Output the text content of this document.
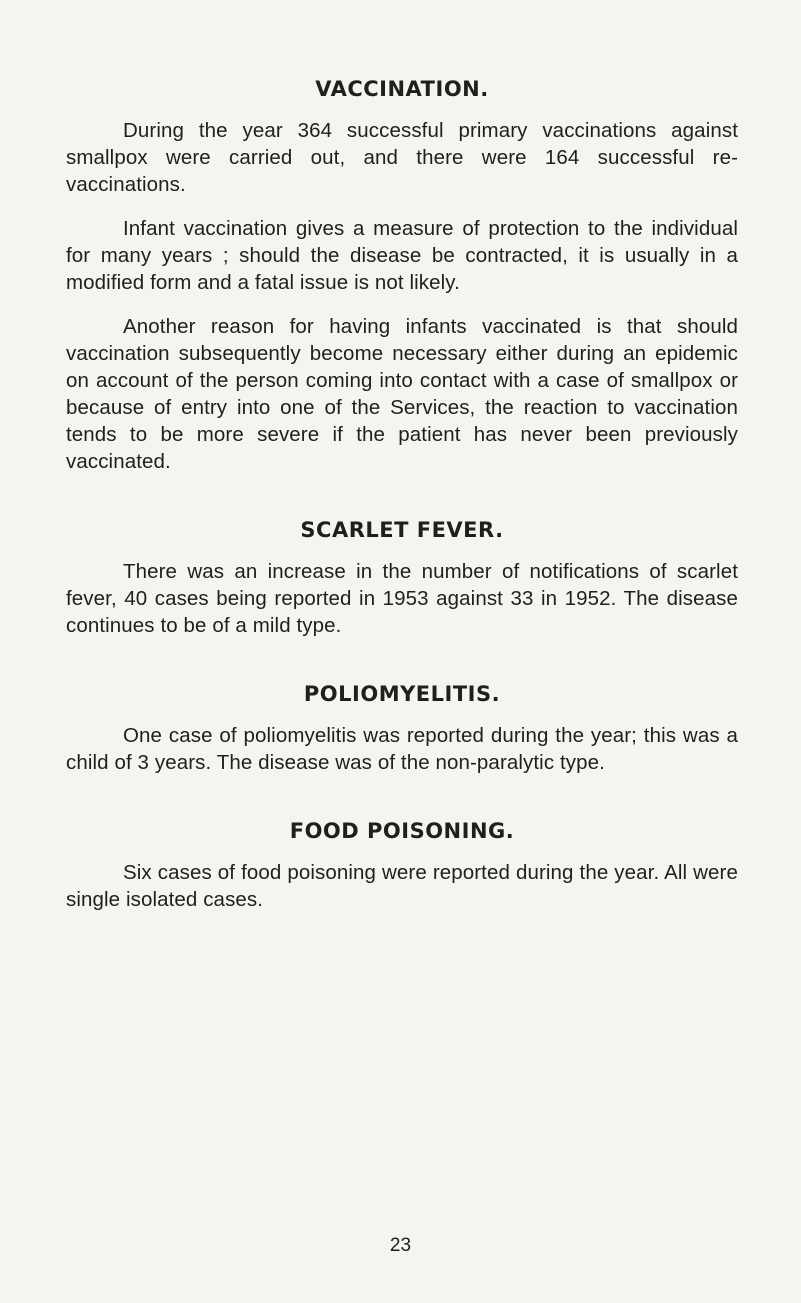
VACCINATION.

During the year 364 successful primary vaccinations against smallpox were carried out, and there were 164 successful re-vaccinations.

Infant vaccination gives a measure of protection to the individual for many years ; should the disease be contracted, it is usually in a modified form and a fatal issue is not likely.

Another reason for having infants vaccinated is that should vaccination subsequently become necessary either during an epidemic on account of the person coming into contact with a case of smallpox or because of entry into one of the Services, the reaction to vaccination tends to be more severe if the patient has never been previously vaccinated.

SCARLET FEVER.

There was an increase in the number of notifications of scarlet fever, 40 cases being reported in 1953 against 33 in 1952. The disease continues to be of a mild type.

POLIOMYELITIS.

One case of poliomyelitis was reported during the year; this was a child of 3 years. The disease was of the non-paralytic type.

FOOD POISONING.

Six cases of food poisoning were reported during the year. All were single isolated cases.

23
